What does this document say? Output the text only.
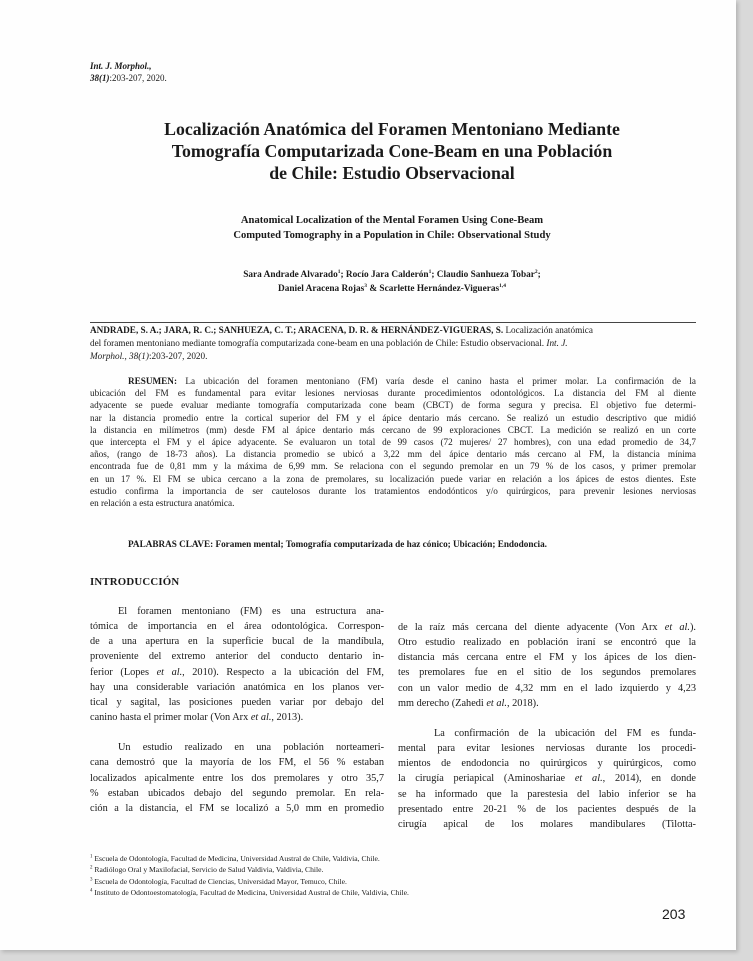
Int. J. Morphol.,
38(1):203-207, 2020.
Localización Anatómica del Foramen Mentoniano Mediante
Tomografía Computarizada Cone-Beam en una Población
de Chile: Estudio Observacional
Anatomical Localization of the Mental Foramen Using Cone-Beam
Computed Tomography in a Population in Chile: Observational Study
Sara Andrade Alvarado$^1$; Rocío Jara Calderón$^1$; Claudio Sanhueza Tobar$^2$;
Daniel Aracena Rojas$^3$ & Scarlette Hernández-Vigueras$^{1,4}$
ANDRADE, S. A.; JARA, R. C.; SANHUEZA, C. T.; ARACENA, D. R. & HERNÁNDEZ-VIGUERAS, S. Localización anatómica
del foramen mentoniano mediante tomografía computarizada cone-beam en una población de Chile: Estudio observacional. Int. J.
Morphol., 38(1):203-207, 2020.
RESUMEN: La ubicación del foramen mentoniano (FM) varía desde el canino hasta el primer molar. La confirmación de la
ubicación del FM es fundamental para evitar lesiones nerviosas durante procedimientos odontológicos. La distancia del FM al diente
adyacente se puede evaluar mediante tomografía computarizada cone beam (CBCT) de forma segura y precisa. El objetivo fue determi-
nar la distancia promedio entre la cortical superior del FM y el ápice dentario más cercano. Se realizó un estudio descriptivo que midió
la distancia en milímetros (mm) desde FM al ápice dentario más cercano de 99 exploraciones CBCT. La medición se realizó en un corte
que intercepta el FM y el ápice adyacente. Se evaluaron un total de 99 casos (72 mujeres/ 27 hombres), con una edad promedio de 34,7
años, (rango de 18-73 años). La distancia promedio se ubicó a 3,22 mm del ápice dentario más cercano al FM, la distancia mínima
encontrada fue de 0,81 mm y la máxima de 6,99 mm. Se relaciona con el segundo premolar en un 79 % de los casos, y primer premolar
en un 17 %. El FM se ubica cercano a la zona de premolares, su localización puede variar en relación a los ápices de estos dientes. Este
estudio confirma la importancia de ser cautelosos durante los tratamientos endodónticos y/o quirúrgicos, para prevenir lesiones nerviosas
en relación a esta estructura anatómica.
PALABRAS CLAVE: Foramen mental; Tomografía computarizada de haz cónico; Ubicación; Endodoncia.
INTRODUCCIÓN
El foramen mentoniano (FM) es una estructura ana-
tómica de importancia en el área odontológica. Correspon-
de a una apertura en la superficie bucal de la mandíbula,
proveniente del extremo anterior del conducto dentario in-
ferior (Lopes et al., 2010). Respecto a la ubicación del FM,
hay una considerable variación anatómica en los planos ver-
tical y sagital, las posiciones pueden variar por debajo del
canino hasta el primer molar (Von Arx et al., 2013).
Un estudio realizado en una población norteameri-
cana demostró que la mayoría de los FM, el 56 % estaban
localizados apicalmente entre los dos premolares y otro 35,7
% estaban ubicados debajo del segundo premolar. En rela-
ción a la distancia, el FM se localizó a 5,0 mm en promedio
de la raíz más cercana del diente adyacente (Von Arx et al.).
Otro estudio realizado en población iraní se encontró que la
distancia más cercana entre el FM y los ápices de los dien-
tes premolares fue en el sitio de los segundos premolares
con un valor medio de 4,32 mm en el lado izquierdo y 4,23
mm derecho (Zahedi et al., 2018).
La confirmación de la ubicación del FM es funda-
mental para evitar lesiones nerviosas durante los procedi-
mientos de endodoncia no quirúrgicos y quirúrgicos, como
la cirugía periapical (Aminoshariae et al., 2014), en donde
se ha informado que la parestesia del labio inferior se ha
presentado entre 20-21 % de los pacientes después de la
cirugía apical de los molares mandibulares (Tilotta-
$^1$ Escuela de Odontología, Facultad de Medicina, Universidad Austral de Chile, Valdivia, Chile.
$^2$ Radiólogo Oral y Maxilofacial, Servicio de Salud Valdivia, Valdivia, Chile.
$^3$ Escuela de Odontología, Facultad de Ciencias, Universidad Mayor, Temuco, Chile.
$^4$ Instituto de Odontoestomatología, Facultad de Medicina, Universidad Austral de Chile, Valdivia, Chile.
203
